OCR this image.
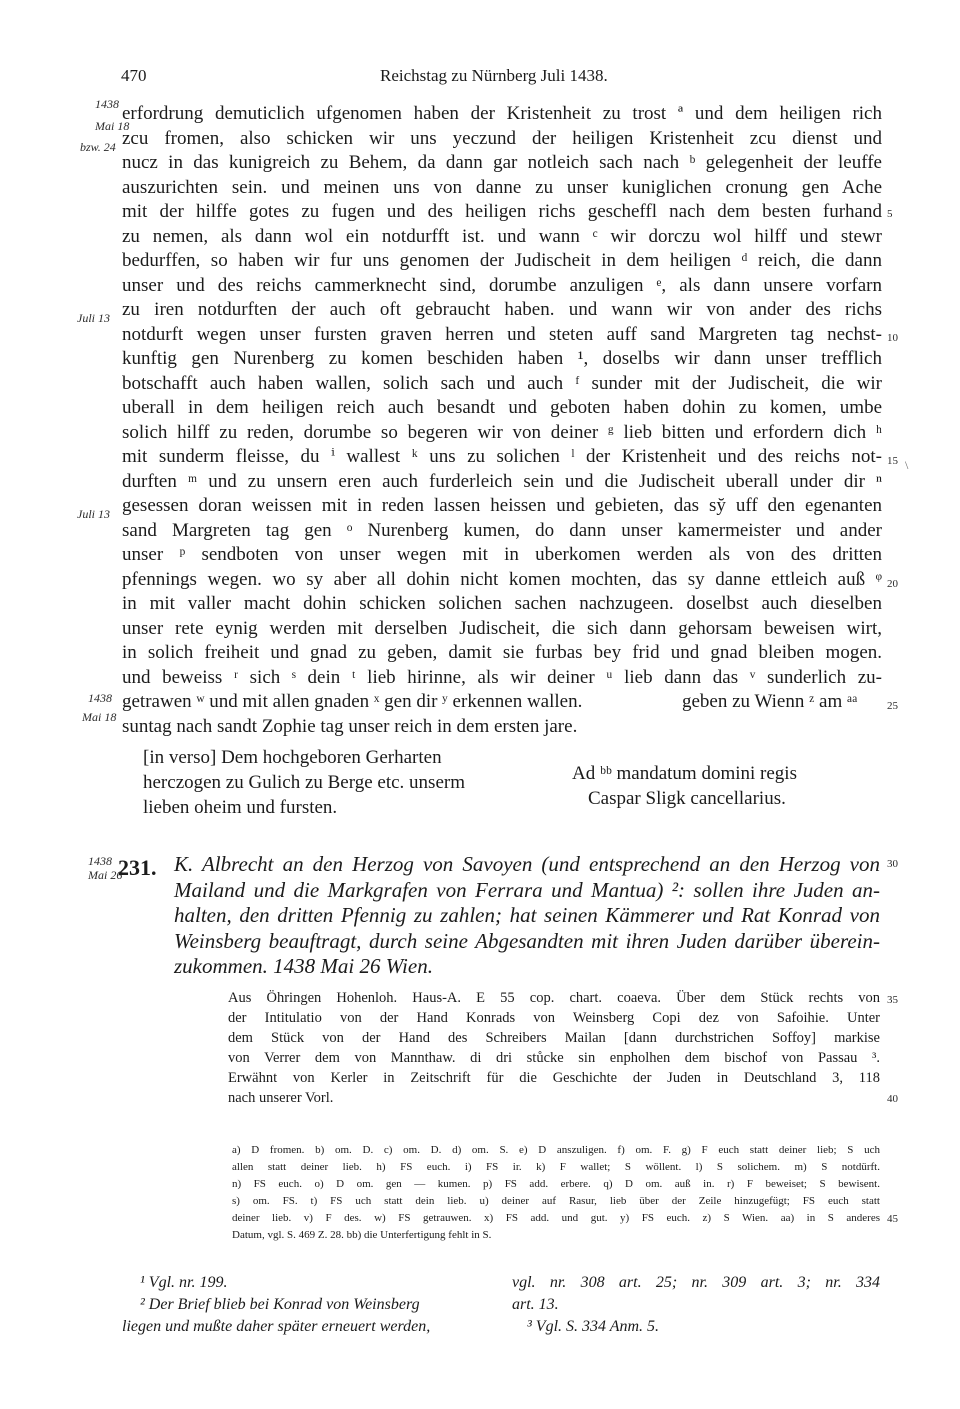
470	Reichstag zu Nürnberg Juli 1438.
1438
Mai 18
bzw. 24
Juli 13
Juli 13
1438
Mai 18
1438
Mai 26
5
10
15
20
25
30
35
40
45
\
erfordrung demuticlich ufgenomen haben der Kristenheit zu trost ª und dem heiligen rich
zcu fromen, also schicken wir uns yeczund der heiligen Kristenheit zcu dienst und
nucz in das kunigreich zu Behem, da dann gar notleich sach nach ᵇ gelegenheit der leuffe
auszurichten sein. und meinen uns von danne zu unser kuniglichen cronung gen Ache
mit der hilffe gotes zu fugen und des heiligen richs gescheffl nach dem besten furhand
zu nemen, als dann wol ein notdurfft ist. und wann ᶜ wir dorczu wol hilff und stewr
bedurffen, so haben wir fur uns genomen der Judischeit in dem heiligen ᵈ reich, die dann
unser und des reichs cammerknecht sind, dorumbe anzuligen ᵉ, als dann unsere vorfarn
zu iren notdurften der auch oft gebraucht haben. und wann wir von ander des richs
notdurft wegen unser fursten graven herren und steten auff sand Margreten tag nechst-
kunftig gen Nurenberg zu komen beschiden haben ¹, doselbs wir dann unser trefflich
botschafft auch haben wallen, solich sach und auch ᶠ sunder mit der Judischeit, die wir
uberall in dem heiligen reich auch besandt und geboten haben dohin zu komen, umbe
solich hilff zu reden, dorumbe so begeren wir von deiner ᵍ lieb bitten und erfordern dich ʰ
mit sunderm fleisse, du ⁱ wallest ᵏ uns zu solichen ˡ der Kristenheit und des reichs not-
durften ᵐ und zu unsern eren auch furderleich sein und die Judischeit uberall under dir ⁿ
gesessen doran weissen mit in reden lassen heissen und gebieten, das sy̆ uff den egenanten
sand Margreten tag gen ᵒ Nurenberg kumen, do dann unser kamermeister und ander
unser ᵖ sendboten von unser wegen mit in uberkomen werden als von des dritten
pfennings wegen. wo sy aber all dohin nicht komen mochten, das sy danne ettleich auß ᵠ
in mit valler macht dohin schicken solichen sachen nachzugeen. doselbst auch dieselben
unser rete eynig werden mit derselben Judischeit, die sich dann gehorsam beweisen wirt,
in solich freiheit und gnad zu geben, damit sie furbas bey frid und gnad bleiben mogen.
und beweiss ʳ sich ˢ dein ᵗ lieb hirinne, als wir deiner ᵘ lieb dann das ᵛ sunderlich zu-
getrawen ʷ und mit allen gnaden ˣ gen dir ʸ erkennen wallen.	geben zu Wienn ᶻ am ᵃᵃ
suntag nach sandt Zophie tag unser reich in dem ersten jare.
[in verso] Dem hochgeboren Gerharten
herczogen zu Gulich zu Berge etc. unserm
lieben oheim und fursten.
Ad ᵇᵇ mandatum domini regis
Caspar Sligk cancellarius.
231. K. Albrecht an den Herzog von Savoyen (und entsprechend an den Herzog von
Mailand und die Markgrafen von Ferrara und Mantua) ²: sollen ihre Juden an-
halten, den dritten Pfennig zu zahlen; hat seinen Kämmerer und Rat Konrad von
Weinsberg beauftragt, durch seine Abgesandten mit ihren Juden darüber überein-
zukommen. 1438 Mai 26 Wien.
Aus Öhringen Hohenloh. Haus-A. E 55 cop. chart. coaeva. Über dem Stück rechts von
der Intitulatio von der Hand Konrads von Weinsberg Copi dez von Safoihie. Unter
dem Stück von der Hand des Schreibers Mailan [dann durchstrichen Soffoy] markise
von Verrer dem von Mannthaw. di dri stůcke sin enpholhen dem bischof von Passau ³.
Erwähnt von Kerler in Zeitschrift für die Geschichte der Juden in Deutschland 3, 118
nach unserer Vorl.
a) D fromen. b) om. D. c) om. D. d) om. S. e) D anszuligen. f) om. F. g) F euch statt deiner lieb; S uch
allen statt deiner lieb. h) FS euch. i) FS ir. k) F wallet; S wöllent. l) S solichem. m) S notdürft.
n) FS euch. o) D om. gen — kumen. p) FS add. erbere. q) D om. auß in. r) F beweiset; S bewisent.
s) om. FS. t) FS uch statt dein lieb. u) deiner auf Rasur, lieb über der Zeile hinzugefügt; FS euch statt
deiner lieb. v) F des. w) FS getrauwen. x) FS add. und gut. y) FS euch. z) S Wien. aa) in S anderes
Datum, vgl. S. 469 Z. 28. bb) die Unterfertigung fehlt in S.
¹ Vgl. nr. 199.
² Der Brief blieb bei Konrad von Weinsberg
liegen und mußte daher später erneuert werden,
vgl. nr. 308 art. 25; nr. 309 art. 3; nr. 334
art. 13.
³ Vgl. S. 334 Anm. 5.
